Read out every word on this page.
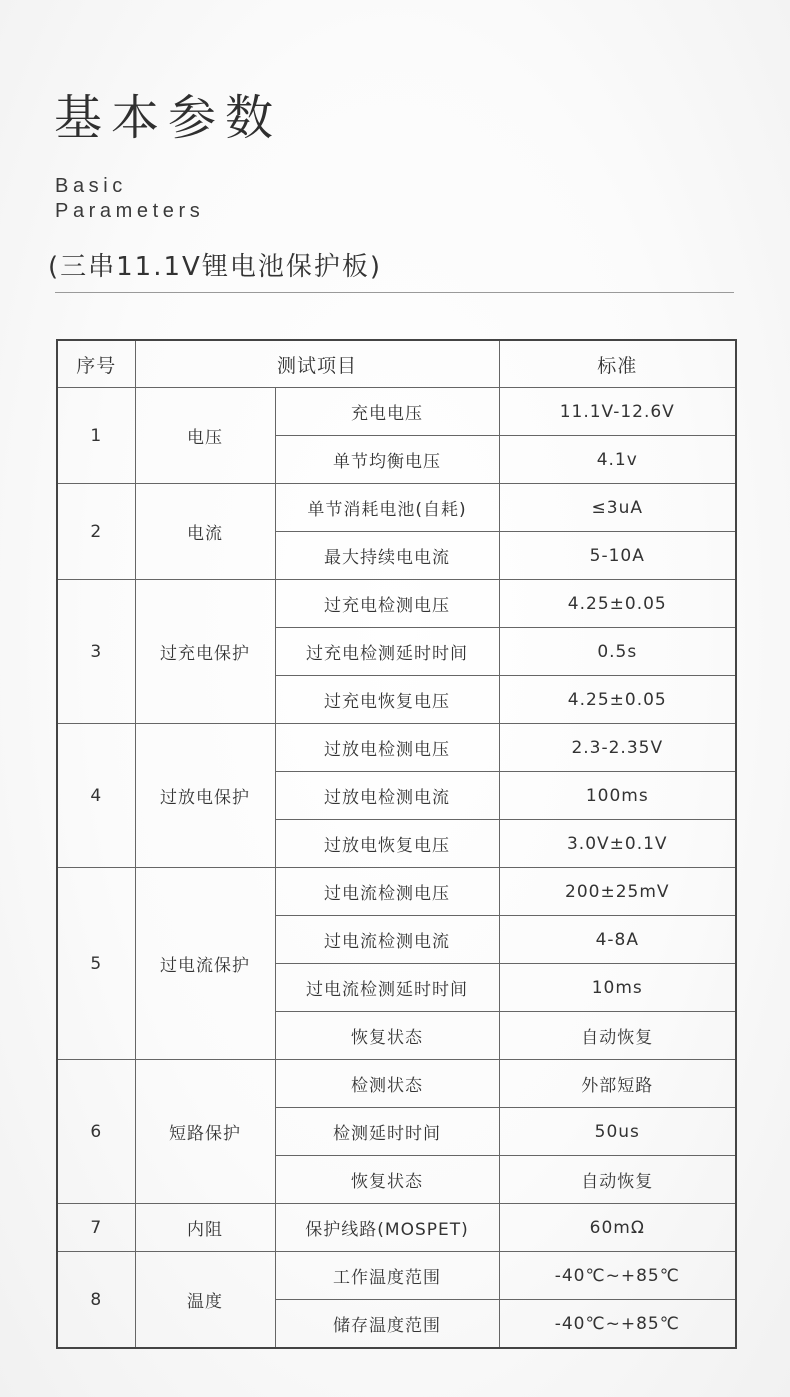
基本参数
Basic
Parameters
(三串11.1V锂电池保护板)
序号	测试项目		标准
1	电压	充电电压	11.1V-12.6V
		单节均衡电压	4.1v
2	电流	单节消耗电池(自耗)	≤3uA
		最大持续电电流	5-10A
3	过充电保护	过充电检测电压	4.25±0.05
		过充电检测延时时间	0.5s
		过充电恢复电压	4.25±0.05
4	过放电保护	过放电检测电压	2.3-2.35V
		过放电检测电流	100ms
		过放电恢复电压	3.0V±0.1V
5	过电流保护	过电流检测电压	200±25mV
		过电流检测电流	4-8A
		过电流检测延时时间	10ms
		恢复状态	自动恢复
6	短路保护	检测状态	外部短路
		检测延时时间	50us
		恢复状态	自动恢复
7	内阻	保护线路(MOSPET)	60mΩ
8	温度	工作温度范围	-40℃~+85℃
		储存温度范围	-40℃~+85℃
